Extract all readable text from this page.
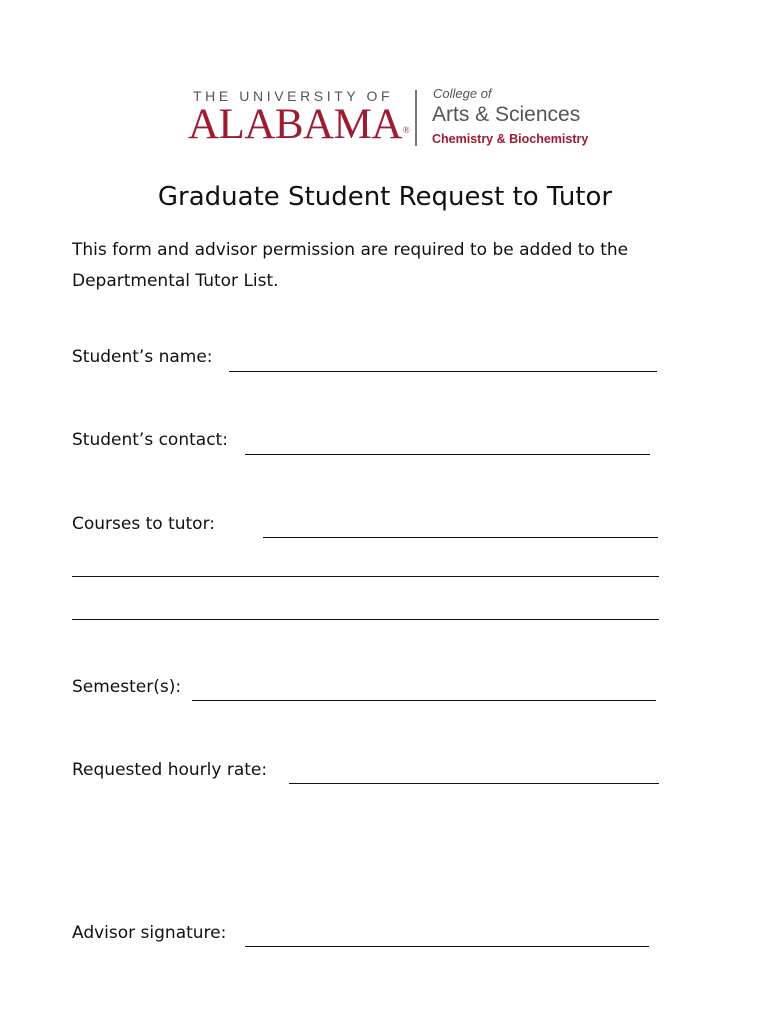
THE UNIVERSITY OF
ALABAMA®
College of
Arts & Sciences
Chemistry & Biochemistry
Graduate Student Request to Tutor
This form and advisor permission are required to be added to the
Departmental Tutor List.
Student’s name:
Student’s contact:
Courses to tutor:
Semester(s):
Requested hourly rate:
Advisor signature:
